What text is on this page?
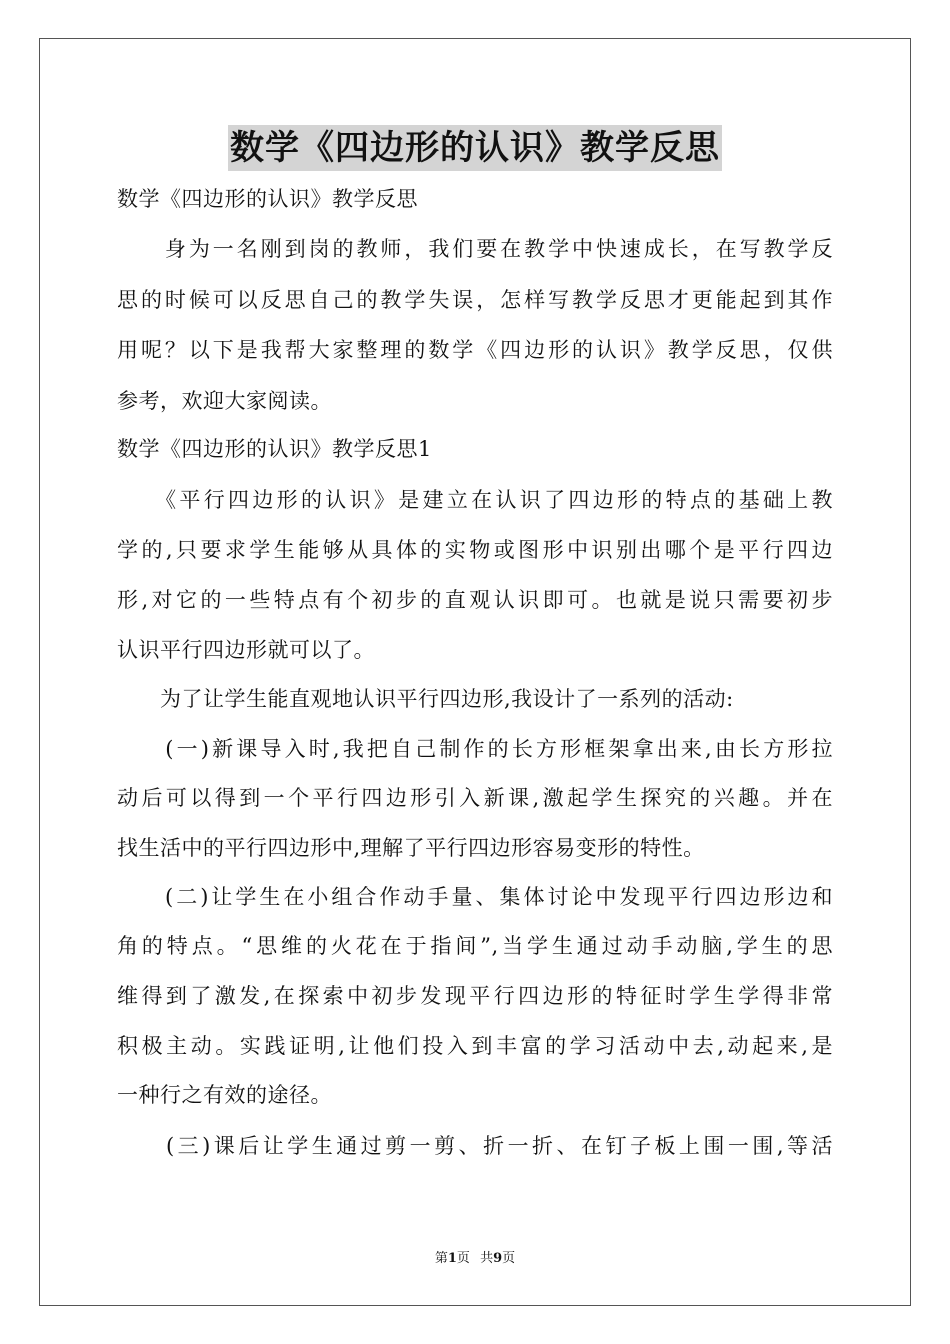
数学《四边形的认识》教学反思
数学《四边形的认识》教学反思
　　身为一名刚到岗的教师，我们要在教学中快速成长，在写教学反
思的时候可以反思自己的教学失误，怎样写教学反思才更能起到其作
用呢？以下是我帮大家整理的数学《四边形的认识》教学反思，仅供
参考，欢迎大家阅读。
数学《四边形的认识》教学反思1
　　《平行四边形的认识》是建立在认识了四边形的特点的基础上教
学的,只要求学生能够从具体的实物或图形中识别出哪个是平行四边
形,对它的一些特点有个初步的直观认识即可。也就是说只需要初步
认识平行四边形就可以了。
　　为了让学生能直观地认识平行四边形,我设计了一系列的活动:
　　(一)新课导入时,我把自己制作的长方形框架拿出来,由长方形拉
动后可以得到一个平行四边形引入新课,激起学生探究的兴趣。并在
找生活中的平行四边形中,理解了平行四边形容易变形的特性。
　　(二)让学生在小组合作动手量、集体讨论中发现平行四边形边和
角的特点。“思维的火花在于指间”,当学生通过动手动脑,学生的思
维得到了激发,在探索中初步发现平行四边形的特征时学生学得非常
积极主动。实践证明,让他们投入到丰富的学习活动中去,动起来,是
一种行之有效的途径。
　　(三)课后让学生通过剪一剪、折一折、在钉子板上围一围,等活
第1页 共9页
